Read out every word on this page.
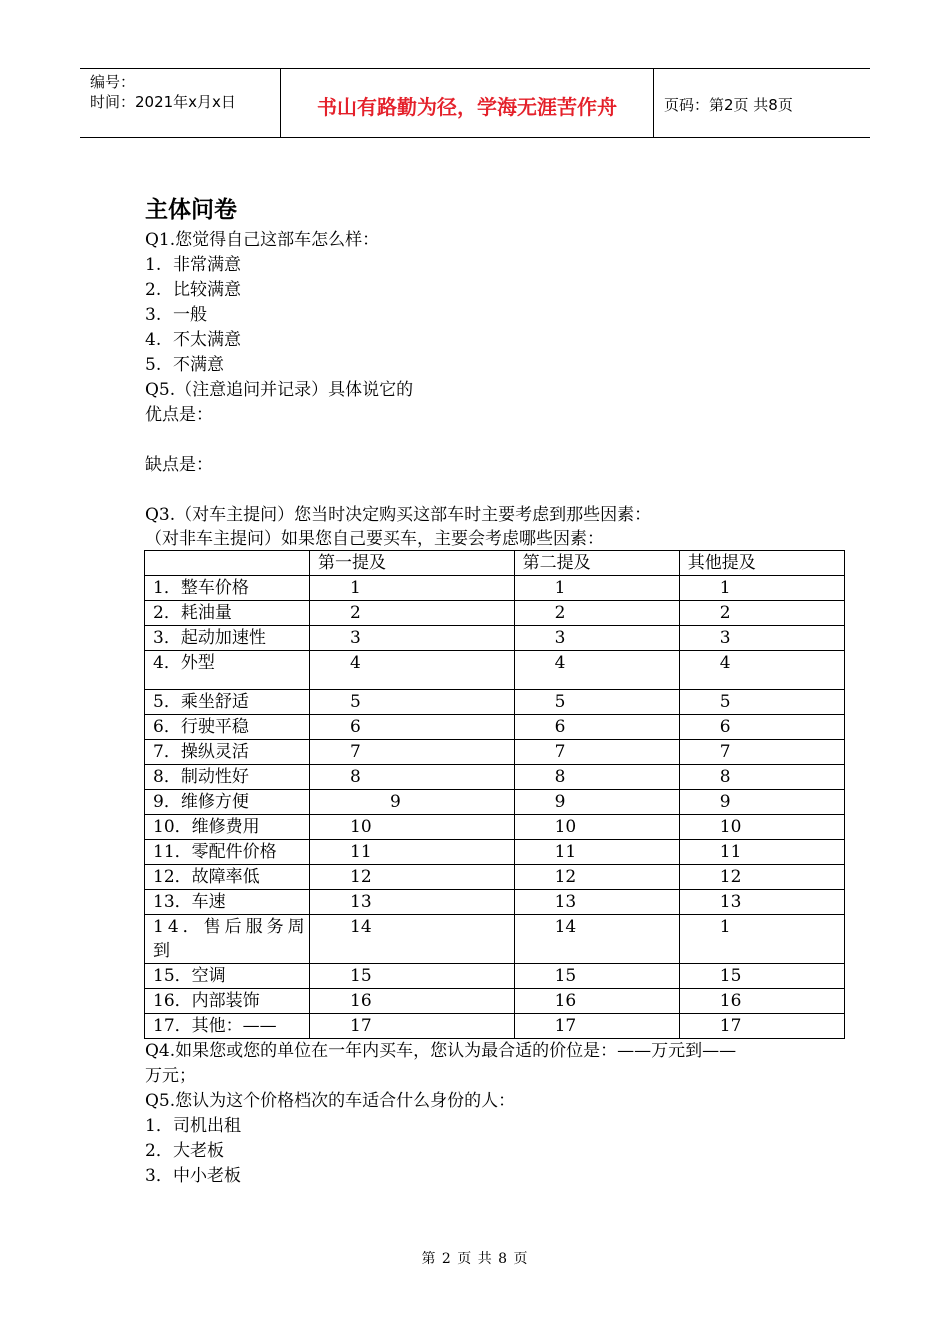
编号：
时间：2021年x月x日	书山有路勤为径，学海无涯苦作舟	页码：第2页 共8页
主体问卷
Q1.您觉得自己这部车怎么样：
1. 非常满意
2. 比较满意
3. 一般
4. 不太满意
5. 不满意
Q5.（注意追问并记录）具体说它的
优点是：
缺点是：
Q3.（对车主提问）您当时决定购买这部车时主要考虑到那些因素：
（对非车主提问）如果您自己要买车，主要会考虑哪些因素：
	第一提及	第二提及	其他提及
1．整车价格	1	1	1
2．耗油量	2	2	2
3．起动加速性	3	3	3
4．外型	4	4	4
5．乘坐舒适	5	5	5
6．行驶平稳	6	6	6
7．操纵灵活	7	7	7
8．制动性好	8	8	8
9．维修方便	9	9	9
10．维修费用	10	10	10
11．零配件价格	11	11	11
12．故障率低	12	12	12
13．车速	13	13	13
14．售后服务周到	14	14	1
15．空调	15	15	15
16．内部装饰	16	16	16
17．其他：——	17	17	17
Q4.如果您或您的单位在一年内买车，您认为最合适的价位是：——万元到——
万元；
Q5.您认为这个价格档次的车适合什么身份的人：
1．司机出租
2．大老板
3．中小老板
第 2 页 共 8 页
